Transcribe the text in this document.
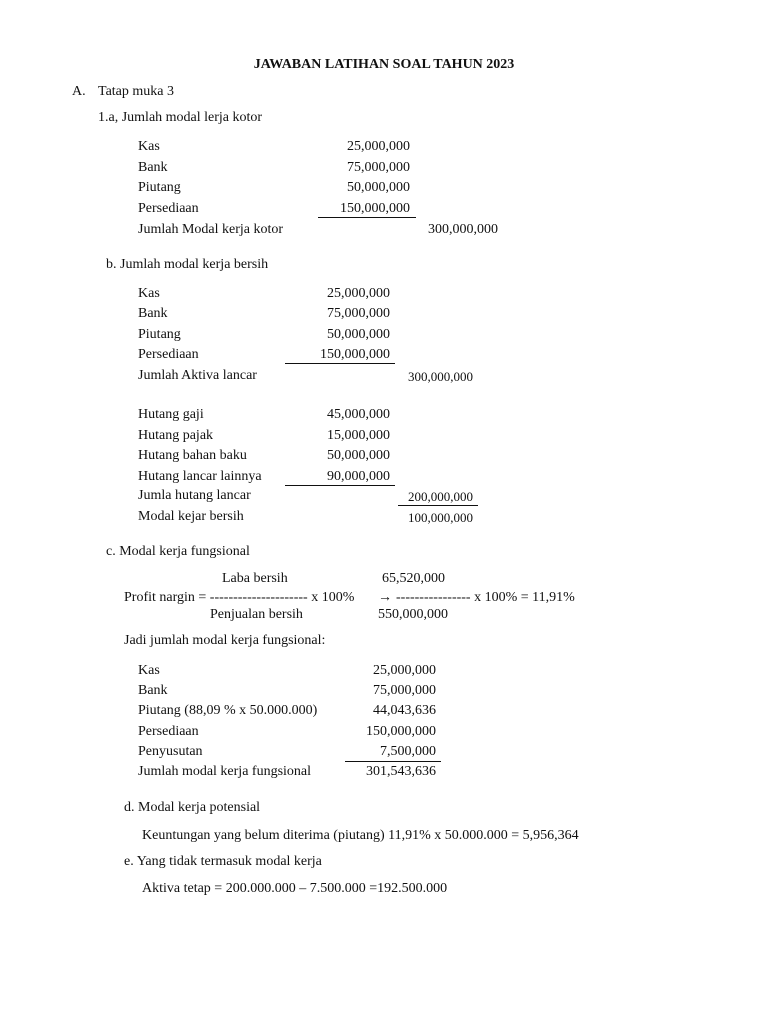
JAWABAN LATIHAN SOAL TAHUN 2023
A. Tatap muka 3
1.a, Jumlah modal lerja kotor
Kas	25,000,000
Bank	75,000,000
Piutang	50,000,000
Persediaan	150,000,000
Jumlah Modal kerja kotor	300,000,000
b. Jumlah modal kerja bersih
Kas	25,000,000
Bank	75,000,000
Piutang	50,000,000
Persediaan	150,000,000
Jumlah Aktiva lancar	300,000,000
Hutang gaji	45,000,000
Hutang pajak	15,000,000
Hutang bahan baku	50,000,000
Hutang lancar lainnya	90,000,000
Jumla hutang lancar	200,000,000
Modal kejar bersih	100,000,000
c. Modal kerja fungsional
Laba bersih	65,520,000
Profit nargin = --------------------- x 100% → ---------------- x 100% = 11,91%
Penjualan bersih	550,000,000
Jadi jumlah modal kerja fungsional:
Kas	25,000,000
Bank	75,000,000
Piutang (88,09 % x 50.000.000)	44,043,636
Persediaan	150,000,000
Penyusutan	7,500,000
Jumlah modal kerja fungsional	301,543,636
d. Modal kerja potensial
Keuntungan yang belum diterima (piutang) 11,91% x 50.000.000 = 5,956,364
e. Yang tidak termasuk modal kerja
Aktiva tetap = 200.000.000 – 7.500.000 =192.500.000
